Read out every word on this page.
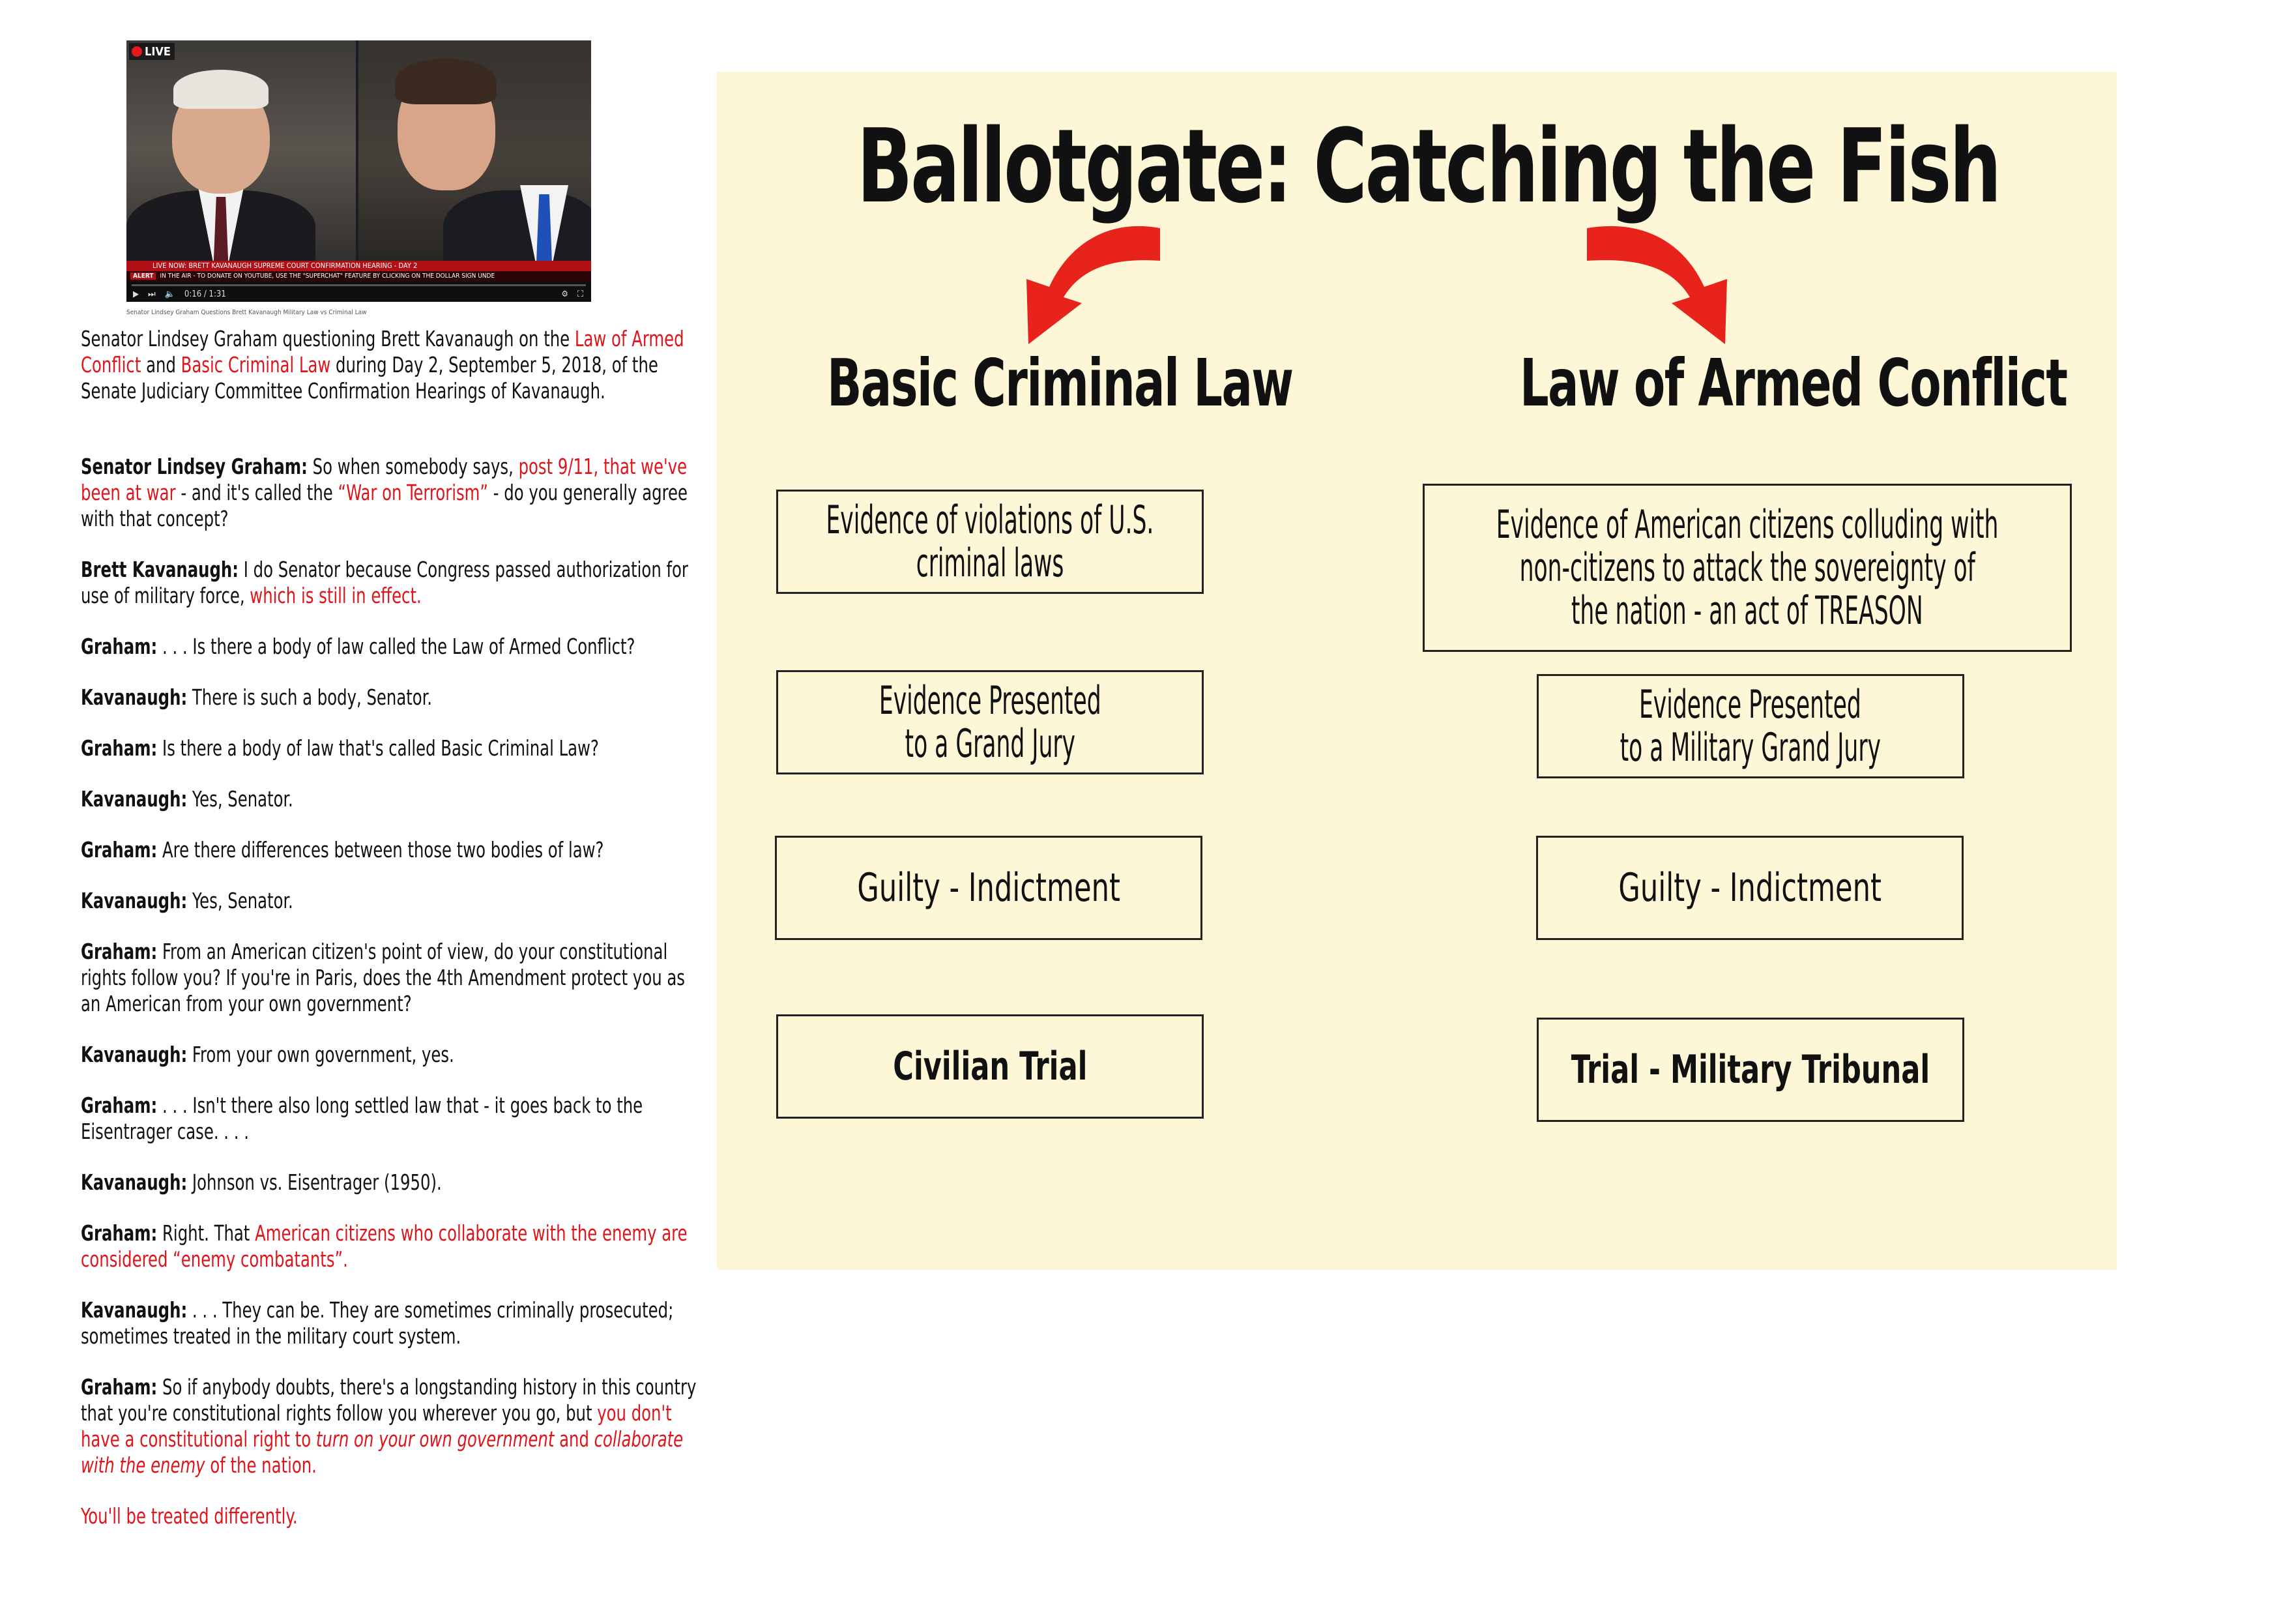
LIVE
LIVE NOW: BRETT KAVANAUGH SUPREME COURT CONFIRMATION HEARING - DAY 2
ALERT IN THE AIR - TO DONATE ON YOUTUBE, USE THE "SUPERCHAT" FEATURE BY CLICKING ON THE DOLLAR SIGN UNDE
▶ ⏭ 🔈 0:16 / 1:31	⚙ ⛶
Senator Lindsey Graham Questions Brett Kavanaugh Military Law vs Criminal Law

Senator Lindsey Graham questioning Brett Kavanaugh on the Law of Armed Conflict and Basic Criminal Law during Day 2, September 5, 2018, of the Senate Judiciary Committee Confirmation Hearings of Kavanaugh.

Senator Lindsey Graham: So when somebody says, post 9/11, that we've been at war - and it's called the “War on Terrorism” - do you generally agree with that concept?

Brett Kavanaugh: I do Senator because Congress passed authorization for use of military force, which is still in effect.

Graham: . . . Is there a body of law called the Law of Armed Conflict?

Kavanaugh: There is such a body, Senator.

Graham: Is there a body of law that's called Basic Criminal Law?

Kavanaugh: Yes, Senator.

Graham: Are there differences between those two bodies of law?

Kavanaugh: Yes, Senator.

Graham: From an American citizen's point of view, do your constitutional rights follow you? If you're in Paris, does the 4th Amendment protect you as an American from your own government?

Kavanaugh: From your own government, yes.

Graham: . . . Isn't there also long settled law that - it goes back to the Eisentrager case. . . .

Kavanaugh: Johnson vs. Eisentrager (1950).

Graham: Right. That American citizens who collaborate with the enemy are considered “enemy combatants”.

Kavanaugh: . . . They can be. They are sometimes criminally prosecuted; sometimes treated in the military court system.

Graham: So if anybody doubts, there's a longstanding history in this country that you're constitutional rights follow you wherever you go, but you don't have a constitutional right to turn on your own government and collaborate with the enemy of the nation.

You'll be treated differently.

Ballotgate: Catching the Fish
Basic Criminal Law	Law of Armed Conflict
Evidence of violations of U.S.
criminal laws
Evidence Presented
to a Grand Jury
Guilty - Indictment
Civilian Trial
Evidence of American citizens colluding with
non-citizens to attack the sovereignty of
the nation - an act of TREASON
Evidence Presented
to a Military Grand Jury
Guilty - Indictment
Trial - Military Tribunal
